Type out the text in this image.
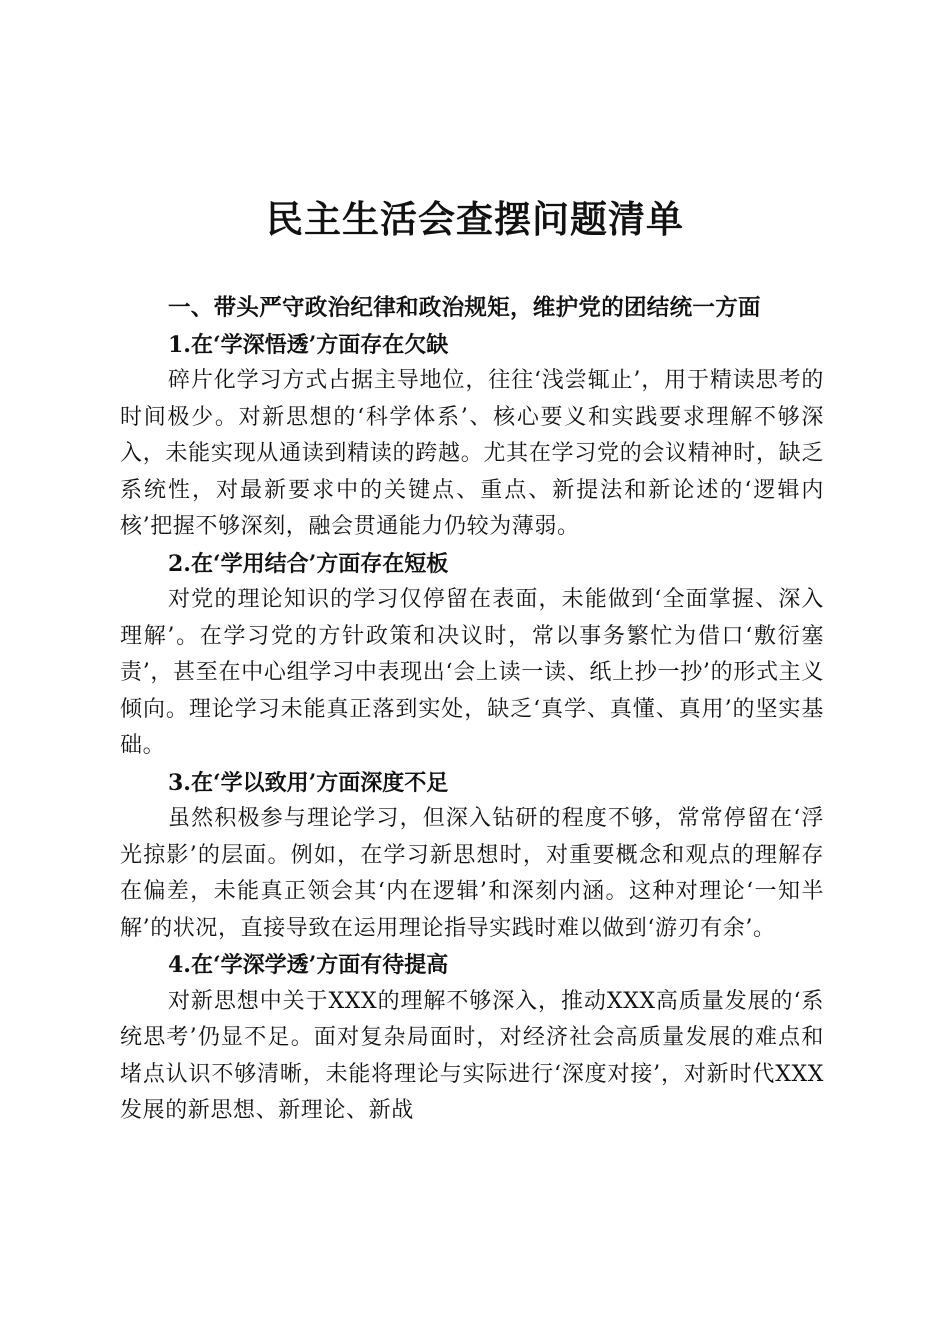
民主生活会查摆问题清单

一、带头严守政治纪律和政治规矩，维护党的团结统一方面

1.在‘学深悟透’方面存在欠缺

碎片化学习方式占据主导地位，往往‘浅尝辄止’，用于精读思考的时间极少。对新思想的‘科学体系’、核心要义和实践要求理解不够深入，未能实现从通读到精读的跨越。尤其在学习党的会议精神时，缺乏系统性，对最新要求中的关键点、重点、新提法和新论述的‘逻辑内核’把握不够深刻，融会贯通能力仍较为薄弱。

2.在‘学用结合’方面存在短板

对党的理论知识的学习仅停留在表面，未能做到‘全面掌握、深入理解’。在学习党的方针政策和决议时，常以事务繁忙为借口‘敷衍塞责’，甚至在中心组学习中表现出‘会上读一读、纸上抄一抄’的形式主义倾向。理论学习未能真正落到实处，缺乏‘真学、真懂、真用’的坚实基础。

3.在‘学以致用’方面深度不足

虽然积极参与理论学习，但深入钻研的程度不够，常常停留在‘浮光掠影’的层面。例如，在学习新思想时，对重要概念和观点的理解存在偏差，未能真正领会其‘内在逻辑’和深刻内涵。这种对理论‘一知半解’的状况，直接导致在运用理论指导实践时难以做到‘游刃有余’。

4.在‘学深学透’方面有待提高

对新思想中关于XXX的理解不够深入，推动XXX高质量发展的‘系统思考’仍显不足。面对复杂局面时，对经济社会高质量发展的难点和堵点认识不够清晰，未能将理论与实际进行‘深度对接’，对新时代XXX发展的新思想、新理论、新战
